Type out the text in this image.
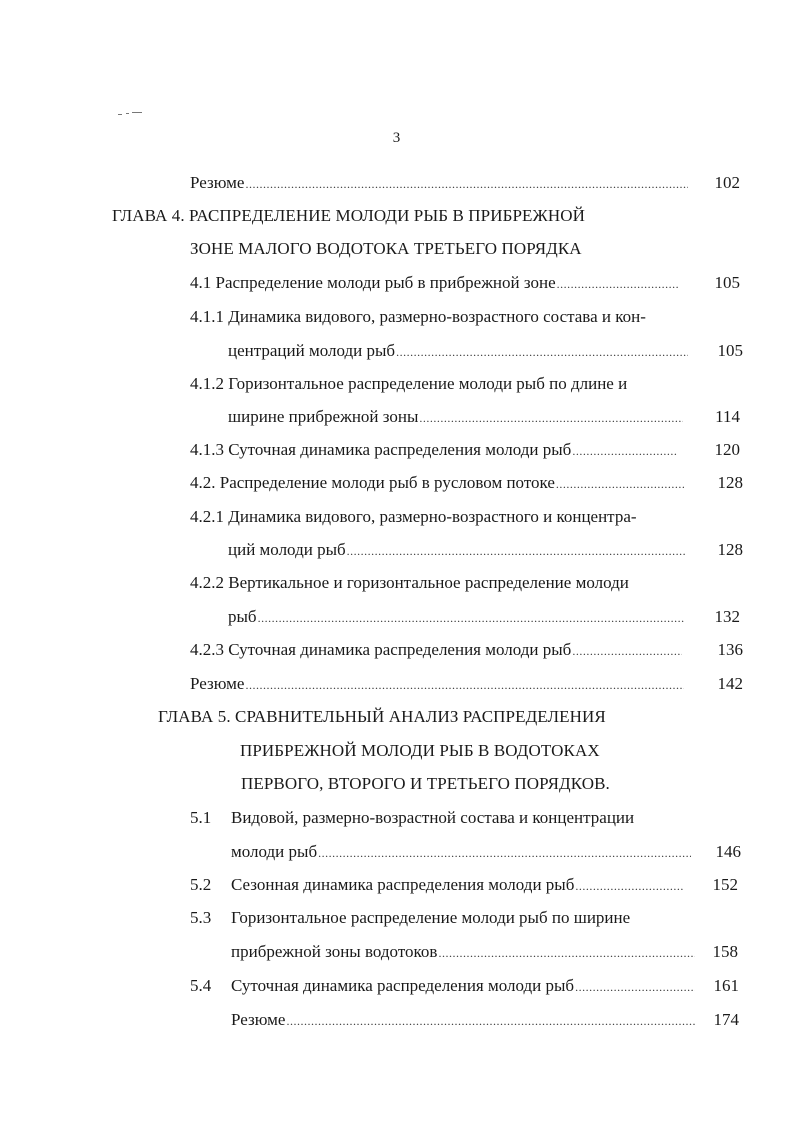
3
Резюме .....	102
ГЛАВА 4. РАСПРЕДЕЛЕНИЕ МОЛОДИ РЫБ В ПРИБРЕЖНОЙ
ЗОНЕ МАЛОГО ВОДОТОКА ТРЕТЬЕГО ПОРЯДКА
4.1 Распределение молоди рыб в прибрежной зоне .....	105
4.1.1 Динамика видового, размерно-возрастного состава и кон-
центраций молоди рыб .....	105
4.1.2 Горизонтальное распределение молоди рыб по длине и
ширине прибрежной зоны .....	114
4.1.3 Суточная динамика распределения молоди рыб .....	120
4.2. Распределение молоди рыб в русловом потоке .....	128
4.2.1 Динамика видового, размерно-возрастного и концентра-
ций молоди рыб .....	128
4.2.2 Вертикальное и горизонтальное распределение молоди
рыб .....	132
4.2.3 Суточная динамика распределения молоди рыб .....	136
Резюме .....	142
ГЛАВА 5. СРАВНИТЕЛЬНЫЙ АНАЛИЗ РАСПРЕДЕЛЕНИЯ
ПРИБРЕЖНОЙ МОЛОДИ РЫБ В ВОДОТОКАХ
ПЕРВОГО, ВТОРОГО И ТРЕТЬЕГО ПОРЯДКОВ.
5.1 Видовой, размерно-возрастной состава и концентрации
молоди рыб .....	146
5.2 Сезонная динамика распределения молоди рыб .....	152
5.3 Горизонтальное распределение молоди рыб по ширине
прибрежной зоны водотоков .....	158
5.4 Суточная динамика распределения молоди рыб .....	161
Резюме .....	174
